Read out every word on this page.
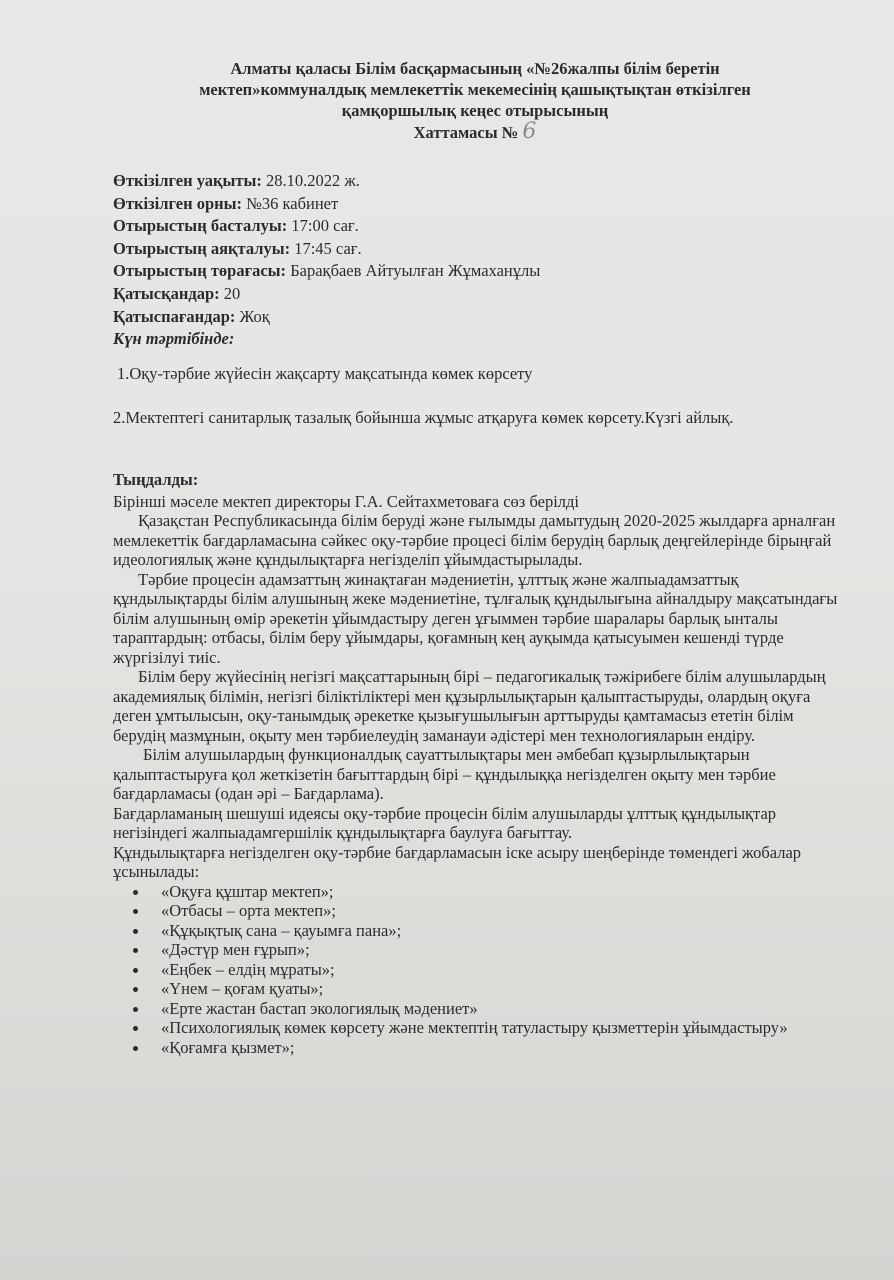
Алматы қаласы Білім басқармасының «№26жалпы білім беретін
мектеп»коммуналдық мемлекеттік мекемесінің қашықтықтан өткізілген
қамқоршылық кеңес отырысының
Хаттамасы № 6
Өткізілген уақыты: 28.10.2022 ж.
Өткізілген орны: №36 кабинет
Отырыстың басталуы: 17:00 сағ.
Отырыстың аяқталуы: 17:45 сағ.
Отырыстың төрағасы: Барақбаев Айтуылған Жұмаханұлы
Қатысқандар: 20
Қатыспағандар: Жоқ
Күн тәртібінде:
1.Оқу-тәрбие жүйесін жақсарту мақсатында көмек көрсету
2.Мектептегі санитарлық тазалық бойынша жұмыс атқаруға көмек көрсету.Күзгі айлық.

Тыңдалды:

Бірінші мәселе мектеп директоры Г.А. Сейтахметоваға сөз берілді

Қазақстан Республикасында білім беруді және ғылымды дамытудың 2020-2025 жылдарға арналған мемлекеттік бағдарламасына сәйкес оқу-тәрбие процесі білім берудің барлық деңгейлерінде бірыңғай идеологиялық және құндылықтарға негізделіп ұйымдастырылады.

Тәрбие процесін адамзаттың жинақтаған мәдениетін, ұлттық және жалпыадамзаттық құндылықтарды білім алушының жеке мәдениетіне, тұлғалық құндылығына айналдыру мақсатындағы білім алушының өмір әрекетін ұйымдастыру деген ұғыммен тәрбие шаралары барлық ынталы тараптардың: отбасы, білім беру ұйымдары, қоғамның кең ауқымда қатысуымен кешенді түрде жүргізілуі тиіс.

Білім беру жүйесінің негізгі мақсаттарының бірі – педагогикалық тәжірибеге білім алушылардың академиялық білімін, негізгі біліктіліктері мен құзырлылықтарын қалыптастыруды, олардың оқуға деген ұмтылысын, оқу-танымдық әрекетке қызығушылығын арттыруды қамтамасыз ететін білім берудің мазмұнын, оқыту мен тәрбиелеудің заманауи әдістері мен технологияларын ендіру.

Білім алушылардың функционалдық сауаттылықтары мен әмбебап құзырлылықтарын қалыптастыруға қол жеткізетін бағыттардың бірі – құндылыққа негізделген оқыту мен тәрбие бағдарламасы (одан әрі – Бағдарлама).

Бағдарламаның шешуші идеясы оқу-тәрбие процесін білім алушыларды ұлттық құндылықтар негізіндегі жалпыадамгершілік құндылықтарға баулуға бағыттау.

Құндылықтарға негізделген оқу-тәрбие бағдарламасын іске асыру шеңберінде төмендегі жобалар ұсынылады:

«Оқуға құштар мектеп»;
«Отбасы – орта мектеп»;
«Құқықтық сана – қауымға пана»;
«Дәстүр мен ғұрып»;
«Еңбек – елдің мұраты»;
«Үнем – қоғам қуаты»;
«Ерте жастан бастап экологиялық мәдениет»
«Психологиялық көмек көрсету және мектептің татуластыру қызметтерін ұйымдастыру»
«Қоғамға қызмет»;
